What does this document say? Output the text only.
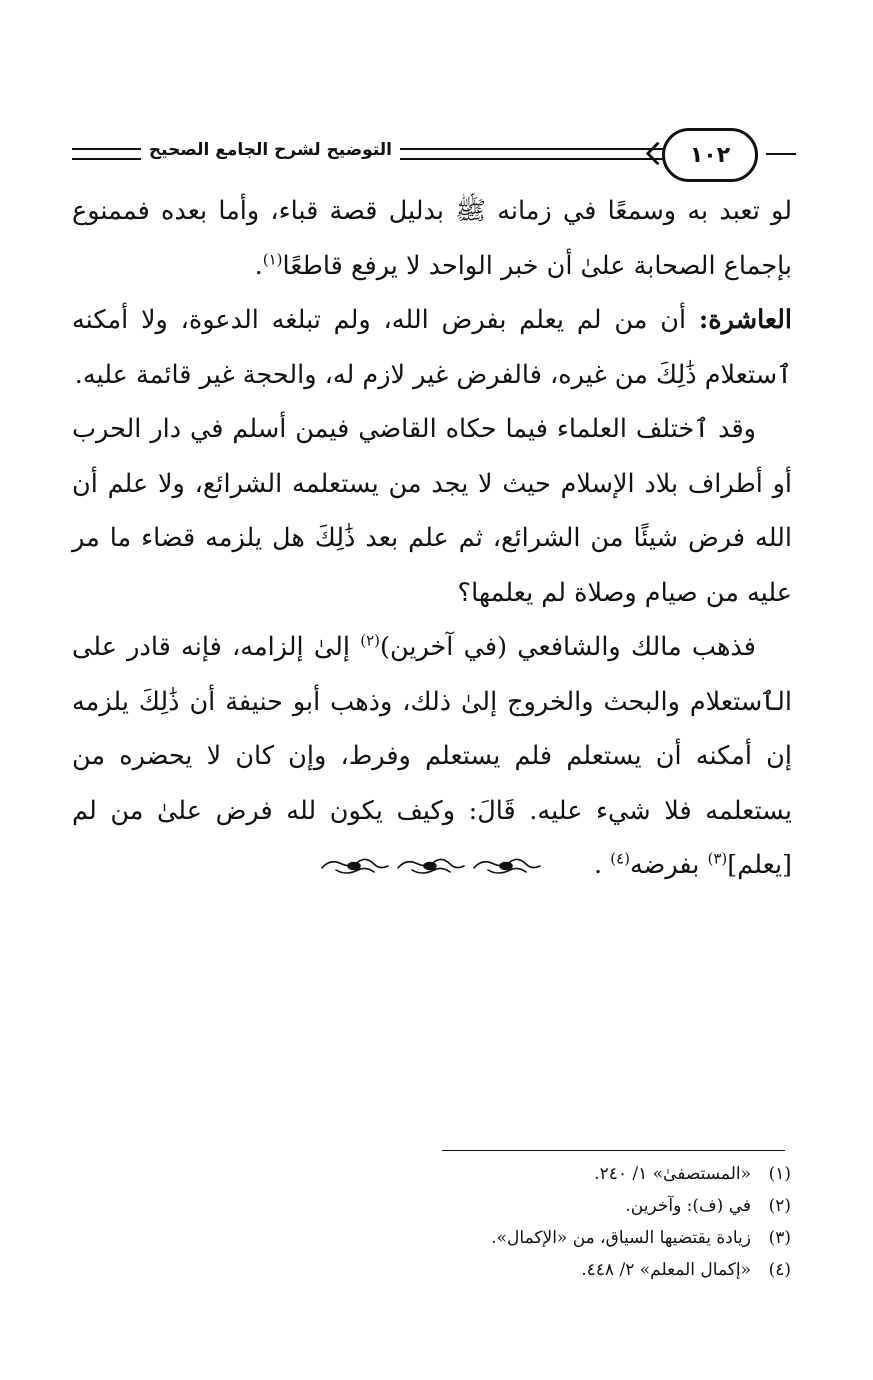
١٠٢
التوضيح لشرح الجامع الصحيح

لو تعبد به وسمعًا في زمانه ﷺ بدليل قصة قباء، وأما بعده فممنوع بإجماع الصحابة علىٰ أن خبر الواحد لا يرفع قاطعًا$^{(١)}$.

العاشرة: أن من لم يعلم بفرض الله، ولم تبلغه الدعوة، ولا أمكنه ٱستعلام ذَٰلِكَ من غيره، فالفرض غير لازم له، والحجة غير قائمة عليه.

وقد ٱختلف العلماء فيما حكاه القاضي فيمن أسلم في دار الحرب أو أطراف بلاد الإسلام حيث لا يجد من يستعلمه الشرائع، ولا علم أن الله فرض شيئًا من الشرائع، ثم علم بعد ذَٰلِكَ هل يلزمه قضاء ما مر عليه من صيام وصلاة لم يعلمها؟

فذهب مالك والشافعي (في آخرين)$^{(٢)}$ إلىٰ إلزامه، فإنه قادر على الٱستعلام والبحث والخروج إلىٰ ذلك، وذهب أبو حنيفة أن ذَٰلِكَ يلزمه إن أمكنه أن يستعلم فلم يستعلم وفرط، وإن كان لا يحضره من يستعلمه فلا شيء عليه. قَالَ: وكيف يكون لله فرض علىٰ من لم [يعلم]$^{(٣)}$ بفرضه$^{(٤)}$ .

(١)
«المستصفىٰ» ١/ ٢٤٠.
(٢)
في (ف): وآخرين.
(٣)
زيادة يقتضيها السياق، من «الإكمال».
(٤)
«إكمال المعلم» ٢/ ٤٤٨.
